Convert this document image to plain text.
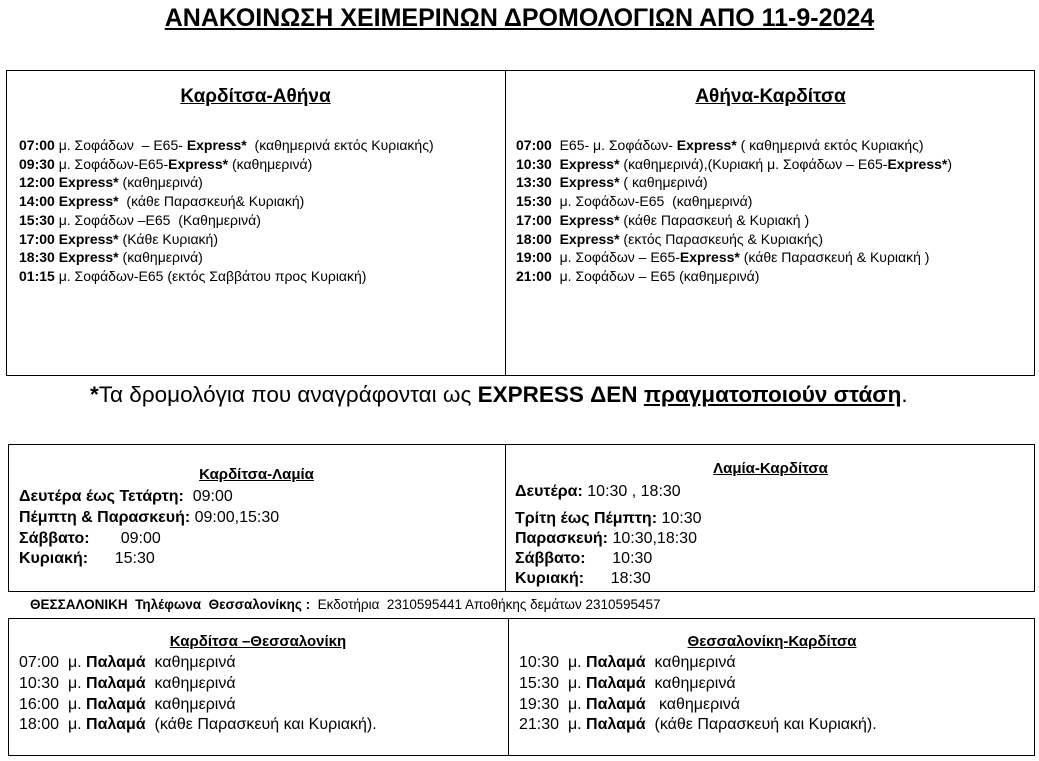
ΑΝΑΚΟΙΝΩΣΗ ΧΕΙΜΕΡΙΝΩΝ ΔΡΟΜΟΛΟΓΙΩΝ ΑΠΟ 11-9-2024
Καρδίτσα-Αθήνα	Αθήνα-Καρδίτσα
07:00 μ. Σοφάδων  – Ε65- Express*  (καθημερινά εκτός Κυριακής)
09:30 μ. Σοφάδων-Ε65-Express* (καθημερινά)
12:00 Express* (καθημερινά)
14:00 Express*  (κάθε Παρασκευή& Κυριακή)
15:30 μ. Σοφάδων –Ε65  (Καθημερινά)
17:00 Express* (Κάθε Κυριακή)
18:30 Express* (καθημερινά)
01:15 μ. Σοφάδων-Ε65 (εκτός Σαββάτου προς Κυριακή)
07:00  Ε65- μ. Σοφάδων- Express* ( καθημερινά εκτός Κυριακής)
10:30 Express* (καθημερινά),(Κυριακή μ. Σοφάδων – Ε65-Express*)
13:30 Express* ( καθημερινά)
15:30  μ. Σοφάδων-Ε65  (καθημερινά)
17:00 Express* (κάθε Παρασκευή & Κυριακή )
18:00 Express* (εκτός Παρασκευής & Κυριακής)
19:00  μ. Σοφάδων – Ε65-Express* (κάθε Παρασκευή & Κυριακή )
21:00  μ. Σοφάδων – Ε65 (καθημερινά)
*Τα δρομολόγια που αναγράφονται ως EXPRESS ΔΕΝ πραγματοποιούν στάση.
Καρδίτσα-Λαμία	Λαμία-Καρδίτσα
Δευτέρα έως Τετάρτη:  09:00
Πέμπτη & Παρασκευή: 09:00,15:30
Σάββατο:       09:00
Κυριακή:      15:30
Δευτέρα: 10:30 , 18:30
Τρίτη έως Πέμπτη: 10:30
Παρασκευή: 10:30,18:30
Σάββατο:      10:30
Κυριακή:      18:30
ΘΕΣΣΑΛΟΝΙΚΗ  Τηλέφωνα  Θεσσαλονίκης :  Εκδοτήρια  2310595441 Αποθήκης δεμάτων 2310595457
Καρδίτσα –Θεσσαλονίκη	Θεσσαλονίκη-Καρδίτσα
07:00  μ. Παλαμά  καθημερινά
10:30  μ. Παλαμά  καθημερινά
16:00  μ. Παλαμά  καθημερινά
18:00  μ. Παλαμά  (κάθε Παρασκευή και Κυριακή).
10:30  μ. Παλαμά  καθημερινά
15:30  μ. Παλαμά  καθημερινά
19:30  μ. Παλαμά   καθημερινά
21:30  μ. Παλαμά  (κάθε Παρασκευή και Κυριακή).
